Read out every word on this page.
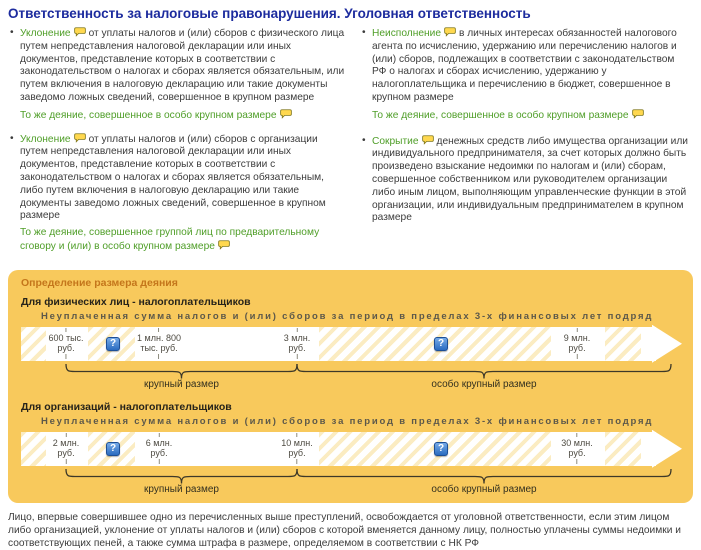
Ответственность за налоговые правонарушения. Уголовная ответственность
• Уклонение от уплаты налогов и (или) сборов с физического лица путем непредставления налоговой декларации или иных документов, представление которых в соответствии с законодательством о налогах и сборах является обязательным, или путем включения в налоговую декларацию или такие документы заведомо ложных сведений, совершенное в крупном размере
То же деяние, совершенное в особо крупном размере
• Уклонение от уплаты налогов и (или) сборов с организации путем непредставления налоговой декларации или иных документов, представление которых в соответствии с законодательством о налогах и сборах является обязательным, либо путем включения в налоговую декларацию или такие документы заведомо ложных сведений, совершенное в крупном размере
То же деяние, совершенное группой лиц по предварительному сговору и (или) в особо крупном размере
• Неисполнение в личных интересах обязанностей налогового агента по исчислению, удержанию или перечислению налогов и (или) сборов, подлежащих в соответствии с законодательством РФ о налогах и сборах исчислению, удержанию у налогоплательщика и перечислению в бюджет, совершенное в крупном размере
То же деяние, совершенное в особо крупном размере
• Сокрытие денежных средств либо имущества организации или индивидуального предпринимателя, за счет которых должно быть произведено взыскание недоимки по налогам и (или) сборам, совершенное собственником или руководителем организации либо иным лицом, выполняющим управленческие функции в этой организации, или индивидуальным предпринимателем в крупном размере
Определение размера деяния
Для физических лиц - налогоплательщиков
Неуплаченная сумма налогов и (или) сборов за период в пределах 3-х финансовых лет подряд
600 тыс.
руб.
1 млн. 800
тыс. руб.
3 млн.
руб.
9 млн.
руб.
?	?
крупный размер	особо крупный размер
Для организаций - налогоплательщиков
Неуплаченная сумма налогов и (или) сборов за период в пределах 3-х финансовых лет подряд
2 млн.
руб.
6 млн.
руб.
10 млн.
руб.
30 млн.
руб.
?	?
крупный размер	особо крупный размер
Лицо, впервые совершившее одно из перечисленных выше преступлений, освобождается от уголовной ответственности, если этим лицом либо организацией, уклонение от уплаты налогов и (или) сборов с которой вменяется данному лицу, полностью уплачены суммы недоимки и соответствующих пеней, а также сумма штрафа в размере, определяемом в соответствии с НК РФ
